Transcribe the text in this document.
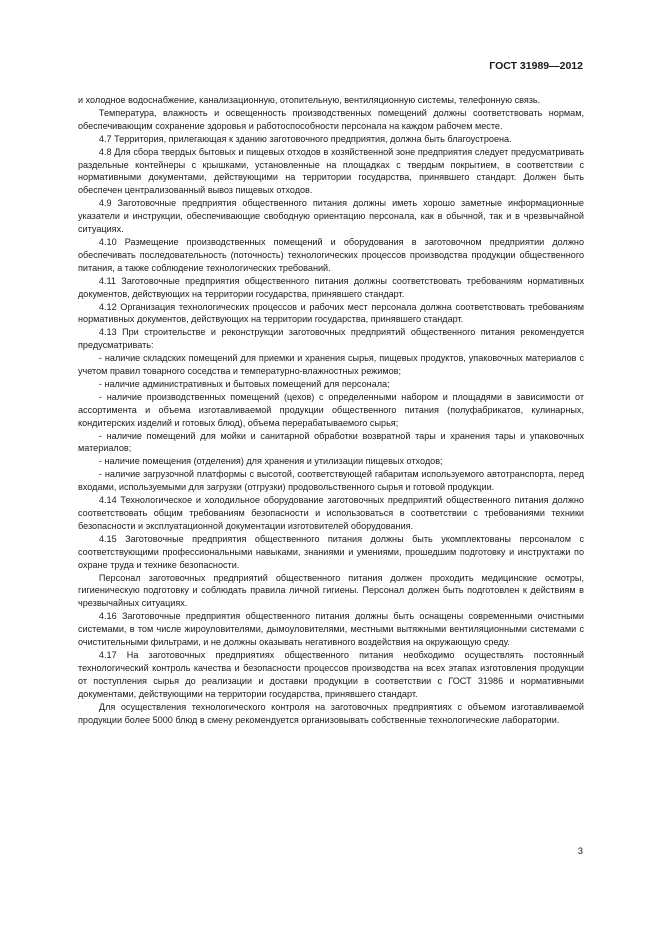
ГОСТ 31989—2012

и холодное водоснабжение, канализационную, отопительную, вентиляционную системы, телефонную связь.

Температура, влажность и освещенность производственных помещений должны соответствовать нормам, обеспечивающим сохранение здоровья и работоспособности персонала на каждом рабочем месте.

4.7 Территория, прилегающая к зданию заготовочного предприятия, должна быть благоустроена.

4.8 Для сбора твердых бытовых и пищевых отходов в хозяйственной зоне предприятия следует предусматривать раздельные контейнеры с крышками, установленные на площадках с твердым покрытием, в соответствии с нормативными документами, действующими на территории государства, принявшего стандарт. Должен быть обеспечен централизованный вывоз пищевых отходов.

4.9 Заготовочные предприятия общественного питания должны иметь хорошо заметные информационные указатели и инструкции, обеспечивающие свободную ориентацию персонала, как в обычной, так и в чрезвычайной ситуациях.

4.10 Размещение производственных помещений и оборудования в заготовочном предприятии должно обеспечивать последовательность (поточность) технологических процессов производства продукции общественного питания, а также соблюдение технологических требований.

4.11 Заготовочные предприятия общественного питания должны соответствовать требованиям нормативных документов, действующих на территории государства, принявшего стандарт.

4.12 Организация технологических процессов и рабочих мест персонала должна соответствовать требованиям нормативных документов, действующих на территории государства, принявшего стандарт.

4.13 При строительстве и реконструкции заготовочных предприятий общественного питания рекомендуется предусматривать:

- наличие складских помещений для приемки и хранения сырья, пищевых продуктов, упаковочных материалов с учетом правил товарного соседства и температурно-влажностных режимов;

- наличие административных и бытовых помещений для персонала;

- наличие производственных помещений (цехов) с определенными набором и площадями в зависимости от ассортимента и объема изготавливаемой продукции общественного питания (полуфабрикатов, кулинарных, кондитерских изделий и готовых блюд), объема перерабатываемого сырья;

- наличие помещений для мойки и санитарной обработки возвратной тары и хранения тары и упаковочных материалов;

- наличие помещения (отделения) для хранения и утилизации пищевых отходов;

- наличие загрузочной платформы с высотой, соответствующей габаритам используемого автотранспорта, перед входами, используемыми для загрузки (отгрузки) продовольственного сырья и готовой продукции.

4.14 Технологическое и холодильное оборудование заготовочных предприятий общественного питания должно соответствовать общим требованиям безопасности и использоваться в соответствии с требованиями техники безопасности и эксплуатационной документации изготовителей оборудования.

4.15 Заготовочные предприятия общественного питания должны быть укомплектованы персоналом с соответствующими профессиональными навыками, знаниями и умениями, прошедшим подготовку и инструктажи по охране труда и технике безопасности.

Персонал заготовочных предприятий общественного питания должен проходить медицинские осмотры, гигиеническую подготовку и соблюдать правила личной гигиены. Персонал должен быть подготовлен к действиям в чрезвычайных ситуациях.

4.16 Заготовочные предприятия общественного питания должны быть оснащены современными очистными системами, в том числе жироуловителями, дымоуловителями, местными вытяжными вентиляционными системами с очистительными фильтрами, и не должны оказывать негативного воздействия на окружающую среду.

4.17 На заготовочных предприятиях общественного питания необходимо осуществлять постоянный технологический контроль качества и безопасности процессов производства на всех этапах изготовления продукции от поступления сырья до реализации и доставки продукции в соответствии с ГОСТ 31986 и нормативными документами, действующими на территории государства, принявшего стандарт.

Для осуществления технологического контроля на заготовочных предприятиях с объемом изготавливаемой продукции более 5000 блюд в смену рекомендуется организовывать собственные технологические лаборатории.

3
